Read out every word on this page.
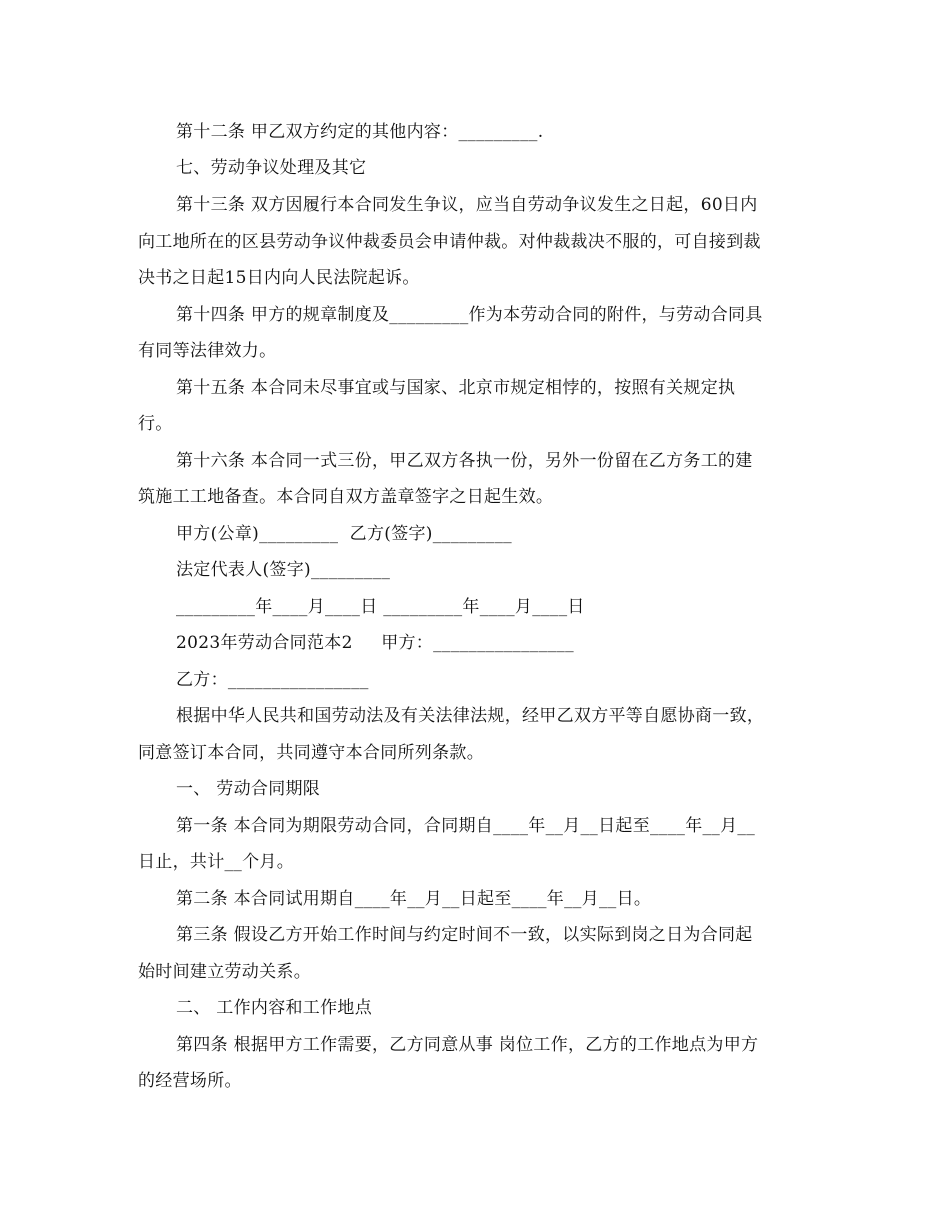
第十二条 甲乙双方约定的其他内容：_________.
七、劳动争议处理及其它
第十三条 双方因履行本合同发生争议，应当自劳动争议发生之日起，60日内
向工地所在的区县劳动争议仲裁委员会申请仲裁。对仲裁裁决不服的，可自接到裁
决书之日起15日内向人民法院起诉。
第十四条 甲方的规章制度及_________作为本劳动合同的附件，与劳动合同具
有同等法律效力。
第十五条 本合同未尽事宜或与国家、北京市规定相悖的，按照有关规定执
行。
第十六条 本合同一式三份，甲乙双方各执一份，另外一份留在乙方务工的建
筑施工工地备查。本合同自双方盖章签字之日起生效。
甲方(公章)_________  乙方(签字)_________
法定代表人(签字)_________
_________年____月____日 _________年____月____日
2023年劳动合同范本2     甲方：________________
乙方：________________
根据中华人民共和国劳动法及有关法律法规，经甲乙双方平等自愿协商一致，
同意签订本合同，共同遵守本合同所列条款。
一、 劳动合同期限
第一条 本合同为期限劳动合同，合同期自____年__月__日起至____年__月__
日止，共计__个月。
第二条 本合同试用期自____年__月__日起至____年__月__日。
第三条 假设乙方开始工作时间与约定时间不一致，以实际到岗之日为合同起
始时间建立劳动关系。
二、 工作内容和工作地点
第四条 根据甲方工作需要，乙方同意从事 岗位工作，乙方的工作地点为甲方
的经营场所。
